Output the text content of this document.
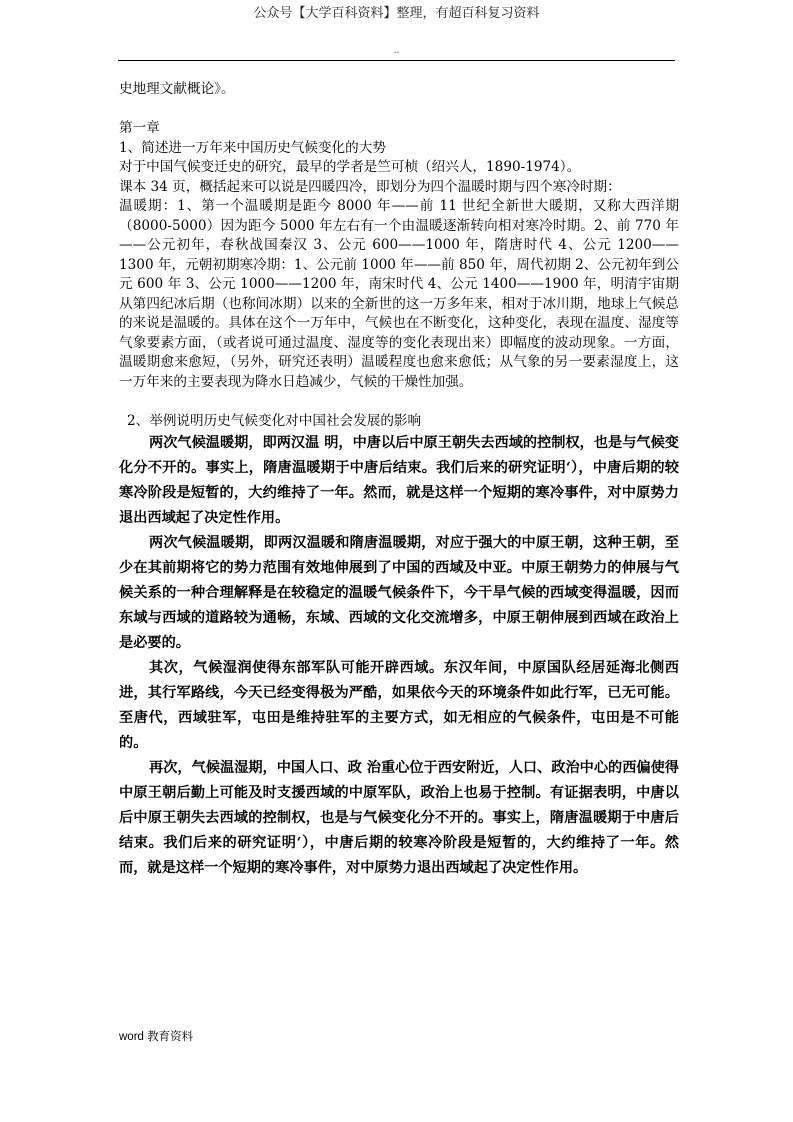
公众号【大学百科资料】整理，有超百科复习资料
..

史地理文献概论》。

第一章

1、简述进一万年来中国历史气候变化的大势

对于中国气候变迁史的研究，最早的学者是竺可桢（绍兴人，1890-1974）。

课本 34 页，概括起来可以说是四暖四冷，即划分为四个温暖时期与四个寒冷时期：

温暖期：1、第一个温暖期是距今 8000 年——前 11 世纪全新世大暖期，又称大西洋期（8000-5000）因为距今 5000 年左右有一个由温暖逐渐转向相对寒冷时期。2、前 770 年——公元初年，春秋战国秦汉 3、公元 600——1000 年，隋唐时代 4、公元 1200——1300 年，元朝初期寒冷期：1、公元前 1000 年——前 850 年，周代初期 2、公元初年到公元 600 年 3、公元 1000——1200 年，南宋时代 4、公元 1400——1900 年，明清宇宙期从第四纪冰后期（也称间冰期）以来的全新世的这一万多年来，相对于冰川期，地球上气候总的来说是温暖的。具体在这个一万年中，气候也在不断变化，这种变化，表现在温度、湿度等气象要素方面，（或者说可通过温度、湿度等的变化表现出来）即幅度的波动现象。一方面，温暖期愈来愈短，（另外，研究还表明）温暖程度也愈来愈低；从气象的另一要素湿度上，这一万年来的主要表现为降水日趋减少，气候的干燥性加强。

2、举例说明历史气候变化对中国社会发展的影响

两次气候温暖期，即两汉温 明，中唐以后中原王朝失去西域的控制权，也是与气候变化分不开的。事实上，隋唐温暖期于中唐后结束。我们后来的研究证明‘），中唐后期的较寒冷阶段是短暂的，大约维持了一年。然而，就是这样一个短期的寒冷事件，对中原势力退出西域起了决定性作用。

两次气候温暖期，即两汉温暖和隋唐温暖期，对应于强大的中原王朝，这种王朝，至少在其前期将它的势力范围有效地伸展到了中国的西域及中亚。中原王朝势力的伸展与气候关系的一种合理解释是在较稳定的温暖气候条件下，今干旱气候的西域变得温暖，因而东域与西域的道路较为通畅，东域、西域的文化交流增多，中原王朝伸展到西域在政治上是必要的。

其次，气候湿润使得东部军队可能开辟西域。东汉年间，中原国队经居延海北侧西进，其行军路线，今天已经变得极为严酷，如果依今天的环境条件如此行军，已无可能。至唐代，西域驻军，屯田是维持驻军的主要方式，如无相应的气候条件，屯田是不可能的。

再次，气候温湿期，中国人口、政 治重心位于西安附近，人口、政治中心的西偏使得中原王朝后勤上可能及时支援西域的中原军队，政治上也易于控制。有证据表明，中唐以后中原王朝失去西域的控制权，也是与气候变化分不开的。事实上，隋唐温暖期于中唐后结束。我们后来的研究证明‘），中唐后期的较寒冷阶段是短暂的，大约维持了一年。然而，就是这样一个短期的寒冷事件，对中原势力退出西域起了决定性作用。

word 教育资料
